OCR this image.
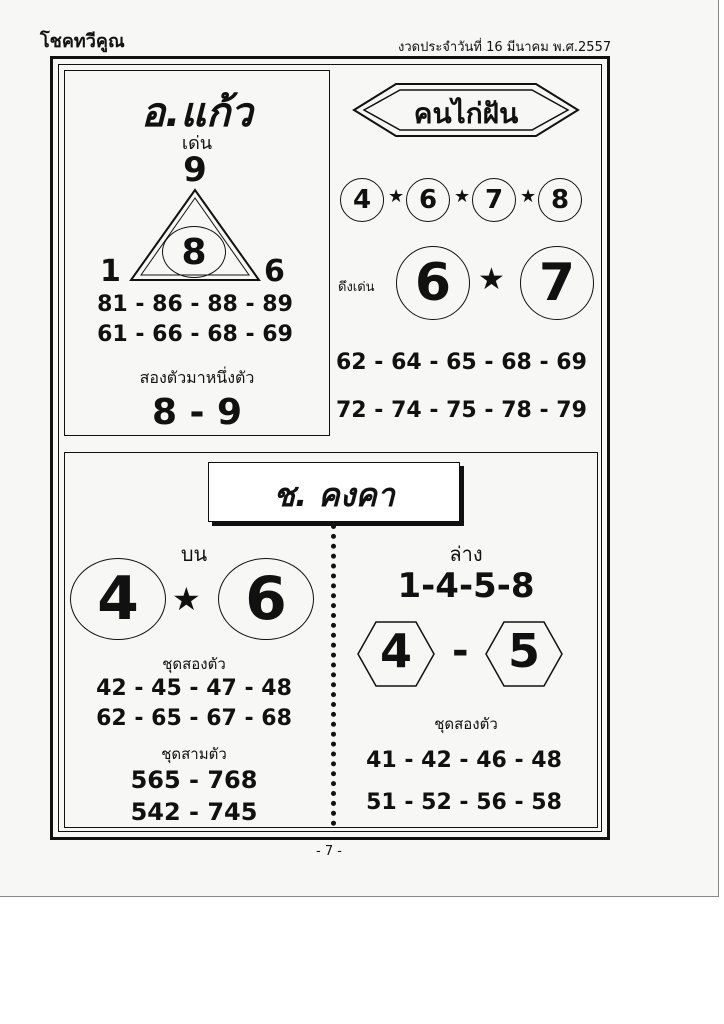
โชคทวีคูณ	งวดประจำวันที่ 16 มีนาคม พ.ศ.2557
อ.แก้ว
เด่น
9
8
1	6
81 - 86 - 88 - 89
61 - 66 - 68 - 69
สองตัวมาหนึ่งตัว
8 - 9
คนไก่ฝัน
4 ★ 6 ★ 7 ★ 8
ดึงเด่น 6 ★ 7
62 - 64 - 65 - 68 - 69
72 - 74 - 75 - 78 - 79
ช. คงคา
บน
4 ★ 6
ชุดสองตัว
42 - 45 - 47 - 48
62 - 65 - 67 - 68
ชุดสามตัว
565 - 768
542 - 745
ล่าง
1-4-5-8
4	- 5
ชุดสองตัว
41 - 42 - 46 - 48
51 - 52 - 56 - 58
- 7 -
